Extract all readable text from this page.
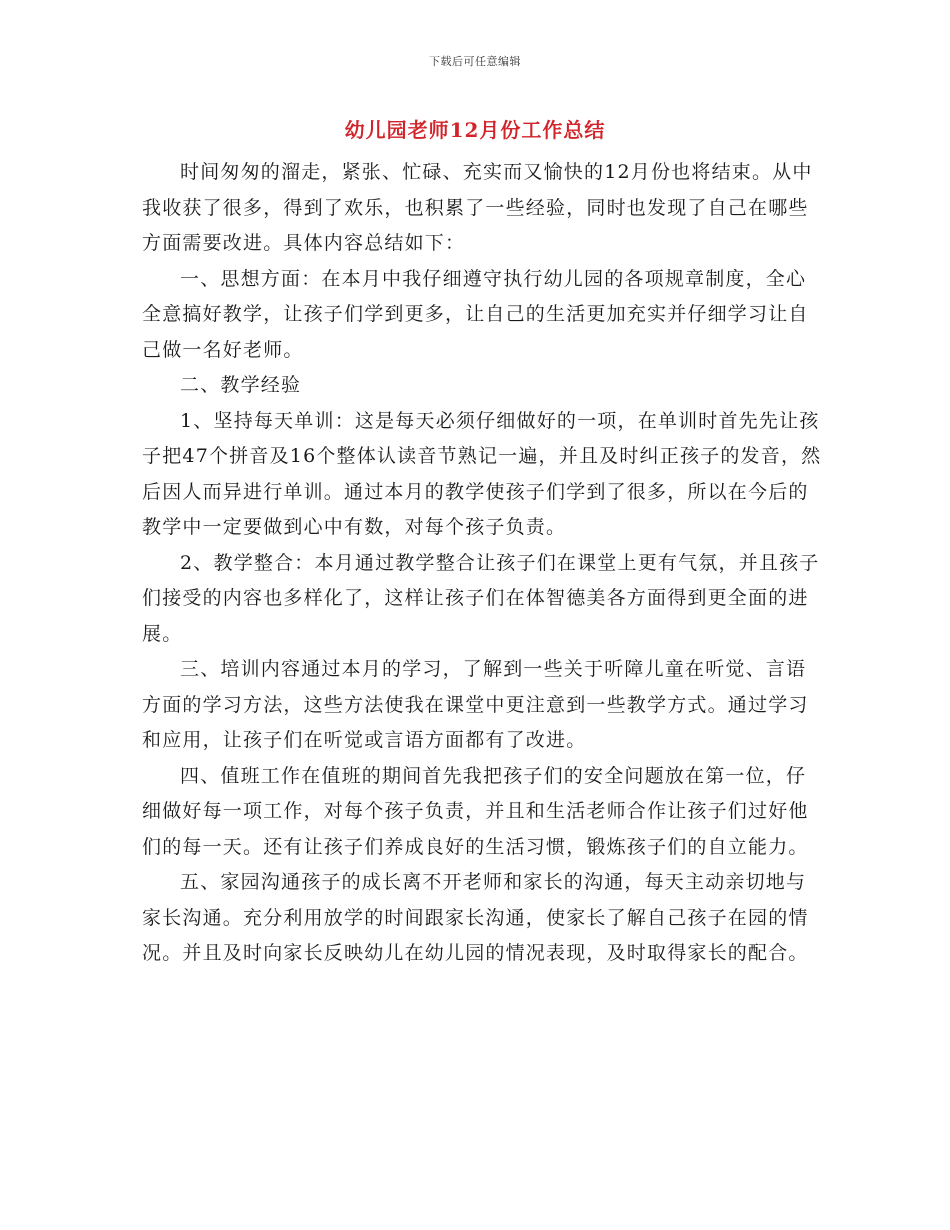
下载后可任意编辑
幼儿园老师12月份工作总结

时间匆匆的溜走，紧张、忙碌、充实而又愉快的12月份也将结束。从中我收获了很多，得到了欢乐，也积累了一些经验，同时也发现了自己在哪些方面需要改进。具体内容总结如下：

一、思想方面：在本月中我仔细遵守执行幼儿园的各项规章制度，全心全意搞好教学，让孩子们学到更多，让自己的生活更加充实并仔细学习让自己做一名好老师。

二、教学经验

1、坚持每天单训：这是每天必须仔细做好的一项，在单训时首先先让孩子把47个拼音及16个整体认读音节熟记一遍，并且及时纠正孩子的发音，然后因人而异进行单训。通过本月的教学使孩子们学到了很多，所以在今后的教学中一定要做到心中有数，对每个孩子负责。

2、教学整合：本月通过教学整合让孩子们在课堂上更有气氛，并且孩子们接受的内容也多样化了，这样让孩子们在体智德美各方面得到更全面的进展。

三、培训内容通过本月的学习，了解到一些关于听障儿童在听觉、言语方面的学习方法，这些方法使我在课堂中更注意到一些教学方式。通过学习和应用，让孩子们在听觉或言语方面都有了改进。

四、值班工作在值班的期间首先我把孩子们的安全问题放在第一位，仔细做好每一项工作，对每个孩子负责，并且和生活老师合作让孩子们过好他们的每一天。还有让孩子们养成良好的生活习惯，锻炼孩子们的自立能力。

五、家园沟通孩子的成长离不开老师和家长的沟通，每天主动亲切地与家长沟通。充分利用放学的时间跟家长沟通，使家长了解自己孩子在园的情况。并且及时向家长反映幼儿在幼儿园的情况表现，及时取得家长的配合。
